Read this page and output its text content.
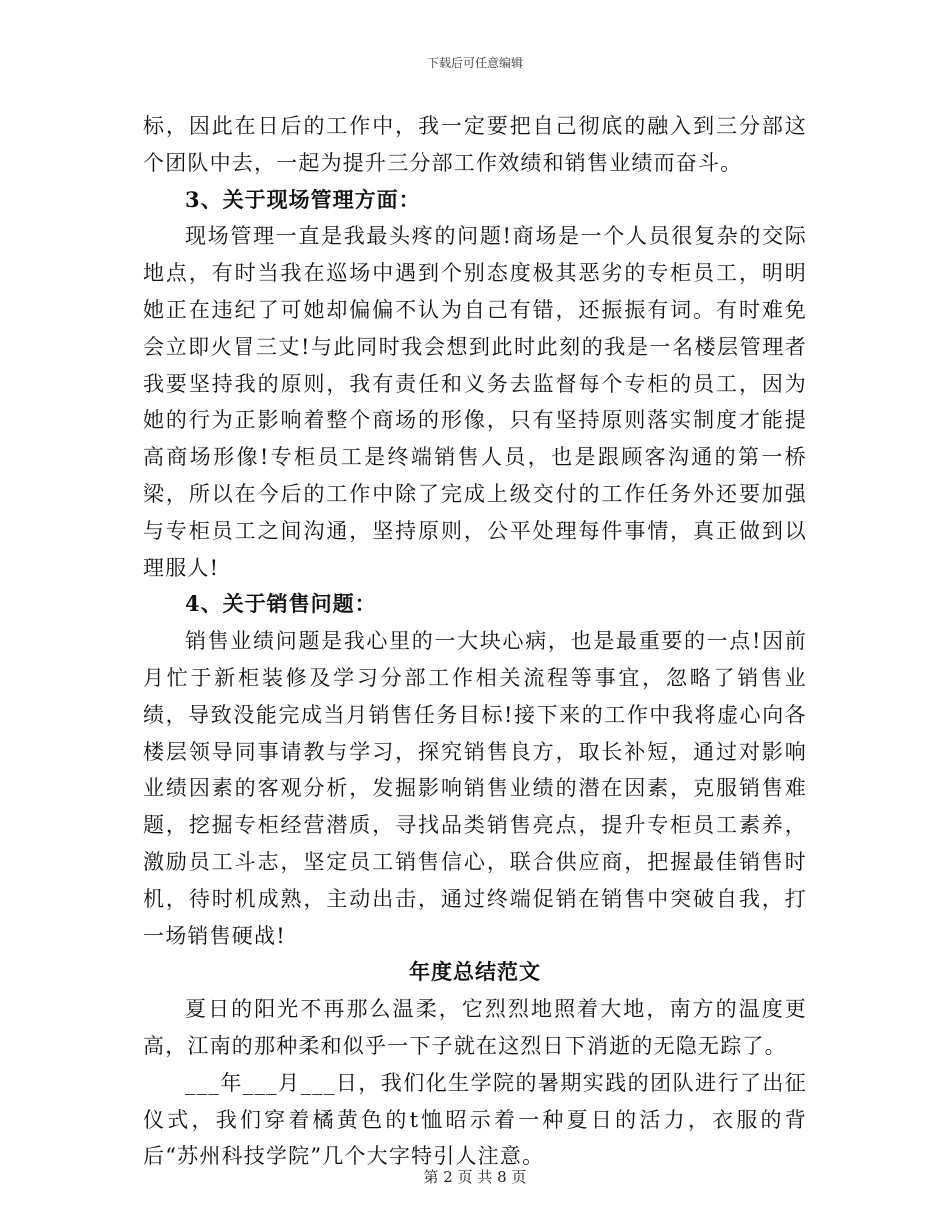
下载后可任意编辑

标，因此在日后的工作中，我一定要把自己彻底的融入到三分部这个团队中去，一起为提升三分部工作效绩和销售业绩而奋斗。

3、关于现场管理方面：

现场管理一直是我最头疼的问题!商场是一个人员很复杂的交际地点，有时当我在巡场中遇到个别态度极其恶劣的专柜员工，明明她正在违纪了可她却偏偏不认为自己有错，还振振有词。有时难免会立即火冒三丈!与此同时我会想到此时此刻的我是一名楼层管理者我要坚持我的原则，我有责任和义务去监督每个专柜的员工，因为她的行为正影响着整个商场的形像，只有坚持原则落实制度才能提高商场形像!专柜员工是终端销售人员，也是跟顾客沟通的第一桥梁，所以在今后的工作中除了完成上级交付的工作任务外还要加强与专柜员工之间沟通，坚持原则，公平处理每件事情，真正做到以理服人!

4、关于销售问题：

销售业绩问题是我心里的一大块心病，也是最重要的一点!因前月忙于新柜装修及学习分部工作相关流程等事宜，忽略了销售业绩，导致没能完成当月销售任务目标!接下来的工作中我将虚心向各楼层领导同事请教与学习，探究销售良方，取长补短，通过对影响业绩因素的客观分析，发掘影响销售业绩的潜在因素，克服销售难题，挖掘专柜经营潜质，寻找品类销售亮点，提升专柜员工素养，激励员工斗志，坚定员工销售信心，联合供应商，把握最佳销售时机，待时机成熟，主动出击，通过终端促销在销售中突破自我，打一场销售硬战!

年度总结范文

夏日的阳光不再那么温柔，它烈烈地照着大地，南方的温度更高，江南的那种柔和似乎一下子就在这烈日下消逝的无隐无踪了。

___年___月___日，我们化生学院的暑期实践的团队进行了出征仪式，我们穿着橘黄色的t恤昭示着一种夏日的活力，衣服的背后“苏州科技学院”几个大字特引人注意。

第 2 页 共 8 页
